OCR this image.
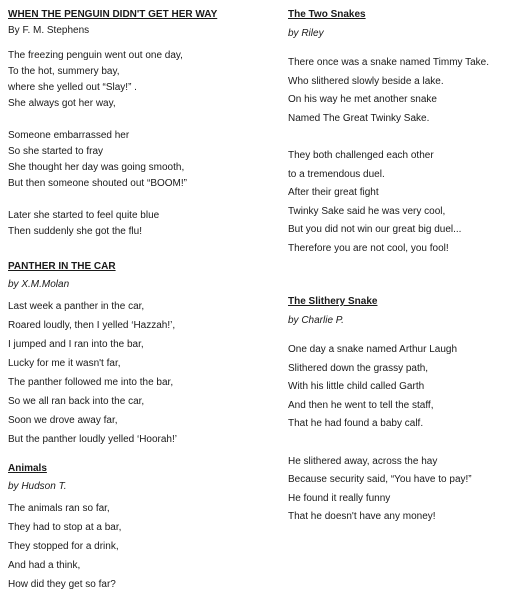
WHEN THE PENGUIN DIDN'T GET HER WAY
By F. M. Stephens
The freezing penguin went out one day,
To the hot, summery bay,
where she yelled out “Slay!” .
She always got her way,
Someone embarrassed her
So she started to fray
She thought her day was going smooth,
But then someone shouted out “BOOM!”
Later she started to feel quite blue
Then suddenly she got the flu!
PANTHER IN THE CAR
by X.M.Molan
Last week a panther in the car,
Roared loudly, then I yelled ‘Hazzah!’,
I jumped and I ran into the bar,
Lucky for me it wasn't far,
The panther followed me into the bar,
So we all ran back into the car,
Soon we drove away far,
But the panther loudly yelled ‘Hoorah!’
Animals
by Hudson T.
The animals ran so far,
They had to stop at a bar,
They stopped for a drink,
And had a think,
How did they get so far?
The Two Snakes
by Riley
There once was a snake named Timmy Take.
Who slithered slowly beside a lake.
On his way he met another snake
Named The Great Twinky Sake.
They both challenged each other
to a tremendous duel.
After their great fight
Twinky Sake said he was very cool,
But you did not win our great big duel...
Therefore you are not cool, you fool!
The Slithery Snake
by Charlie P.
One day a snake named Arthur Laugh
Slithered down the grassy path,
With his little child called Garth
And then he went to tell the staff,
That he had found a baby calf.
He slithered away, across the hay
Because security said, “You have to pay!”
He found it really funny
That he doesn't have any money!
